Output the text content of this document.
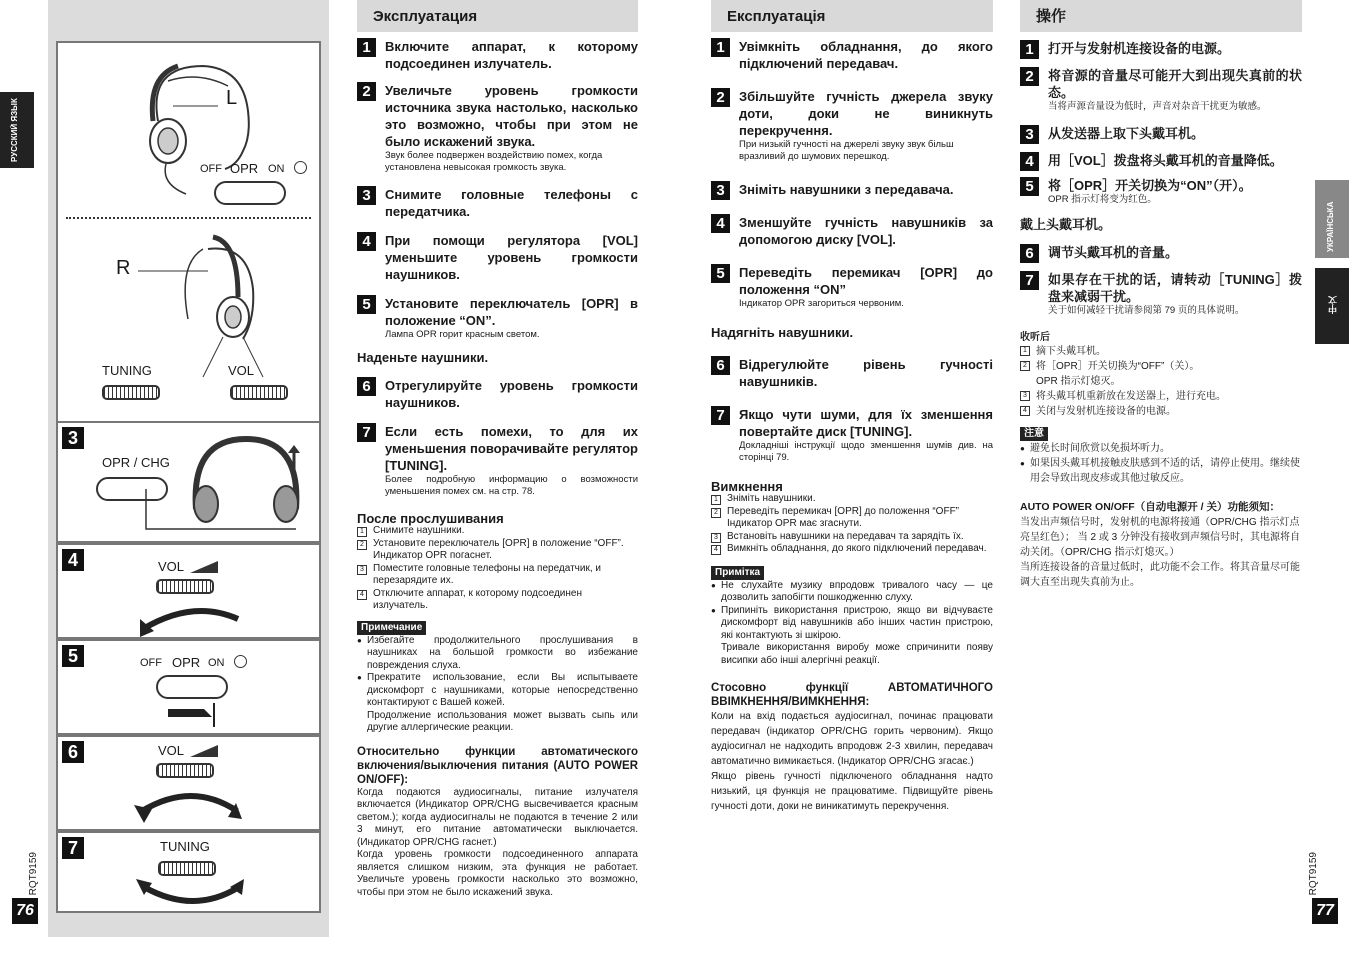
РУССКИЙ ЯЗЫК
RQT9159
76
L
OFF OPR ON
R
TUNING	VOL
3
OPR / CHG
4	VOL
5	OFF OPR ON
6	VOL
7	TUNING
Эксплуатация
1	Включите аппарат, к которому подсоединен излучатель.
2	Увеличьте уровень громкости источника звука настолько, насколько это возможно, чтобы при этом не было искажений звука.
Звук более подвержен воздействию помех, когда установлена невысокая громкость звука.
3	Снимите головные телефоны с передатчика.
4	При помощи регулятора [VOL] уменьшите уровень громкости наушников.
5	Установите переключатель [OPR] в положение “ON”.
Лампа OPR горит красным светом.
Наденьте наушники.
6	Отрегулируйте уровень громкости наушников.
7	Если есть помехи, то для их уменьшения поворачивайте регулятор [TUNING].
Более подробную информацию о возможности уменьшения помех см. на стр. 78.
После прослушивания
1 Снимите наушники.
2 Установите переключатель [OPR] в положение “OFF”.
Индикатор OPR погаснет.
3 Поместите головные телефоны на передатчик, и перезарядите их.
4 Отключите аппарат, к которому подсоединен излучатель.
Примечание
● Избегайте продолжительного прослушивания в наушниках на большой громкости во избежание повреждения слуха.
● Прекратите использование, если Вы испытываете дискомфорт с наушниками, которые непосредственно контактируют с Вашей кожей.
Продолжение использования может вызвать сыпь или другие аллергические реакции.
Относительно функции автоматического включения/выключения питания (AUTO POWER ON/OFF):
Когда подаются аудиосигналы, питание излучателя включается (Индикатор OPR/CHG высвечивается красным светом.); когда аудиосигналы не подаются в течение 2 или 3 минут, его питание автоматически выключается. (Индикатор OPR/CHG гаснет.)
Когда уровень громкости подсоединенного аппарата является слишком низким, эта функция не работает. Увеличьте уровень громкости насколько это возможно, чтобы при этом не было искажений звука.
Експлуатація
1	Увімкніть обладнання, до якого підключений передавач.
2	Збільшуйте гучність джерела звуку доти, доки не виникнуть перекручення.
При низькій гучності на джерелі звуку звук більш вразливий до шумових перешкод.
3	Зніміть навушники з передавача.
4	Зменшуйте гучність навушників за допомогою диску [VOL].
5	Переведіть перемикач [OPR] до положення “ON”
Індикатор OPR загориться червоним.
Надягніть навушники.
6	Відрегулюйте рівень гучності навушників.
7	Якщо чути шуми, для їх зменшення повертайте диск [TUNING].
Докладніші інструкції щодо зменшення шумів див. на сторінці 79.
Вимкнення
1 Зніміть навушники.
2 Переведіть перемикач [OPR] до положення “OFF”
Індикатор OPR має згаснути.
3 Встановіть навушники на передавач та зарядіть їх.
4 Вимкніть обладнання, до якого підключений передавач.
Примітка
● Не слухайте музику впродовж тривалого часу — це дозволить запобігти пошкодженню слуху.
● Припиніть використання пристрою, якщо ви відчуваєте дискомфорт від навушників або інших частин пристрою, які контактують зі шкірою.
Тривале використання виробу може спричинити появу висипки або інші алергічні реакції.
Стосовно функції АВТОМАТИЧНОГО ВВІМКНЕННЯ/ВИМКНЕННЯ:
Коли на вхід подається аудіосигнал, починає працювати передавач (індикатор OPR/CHG горить червоним). Якщо аудіосигнал не надходить впродовж 2-3 хвилин, передавач автоматично вимикається. (Індикатор OPR/CHG згасає.)
Якщо рівень гучності підключеного обладнання надто низький, ця функція не працюватиме. Підвищуйте рівень гучності доти, доки не виникатимуть перекручення.
操作
1	打开与发射机连接设备的电源。
2	将音源的音量尽可能开大到出现失真前的状态。
当将声源音量设为低时，声音对杂音干扰更为敏感。
3	从发送器上取下头戴耳机。
4	用［VOL］拨盘将头戴耳机的音量降低。
5	将［OPR］开关切换为“ON”（开）。
OPR 指示灯将变为红色。
戴上头戴耳机。
6	调节头戴耳机的音量。
7	如果存在干扰的话，请转动［TUNING］拨盘来减弱干扰。
关于如何减轻干扰请参阅第 79 页的具体说明。
收听后
1 摘下头戴耳机。
2 将［OPR］开关切换为“OFF”（关）。
OPR 指示灯熄灭。
3 将头戴耳机重新放在发送器上，进行充电。
4 关闭与发射机连接设备的电源。
注意
● 避免长时间欣赏以免损坏听力。
● 如果因头戴耳机接触皮肤感到不适的话，请停止使用。继续使用会导致出现皮疹或其他过敏反应。
AUTO POWER ON/OFF（自动电源开 / 关）功能须知：
当发出声频信号时，发射机的电源将接通（OPR/CHG 指示灯点亮呈红色）； 当 2 或 3 分钟没有接收到声频信号时，其电源将自动关闭。（OPR/CHG 指示灯熄灭。）
当所连接设备的音量过低时，此功能不会工作。将其音量尽可能调大直至出现失真前为止。
УКРАЇНСЬКА
中文
RQT9159
77
